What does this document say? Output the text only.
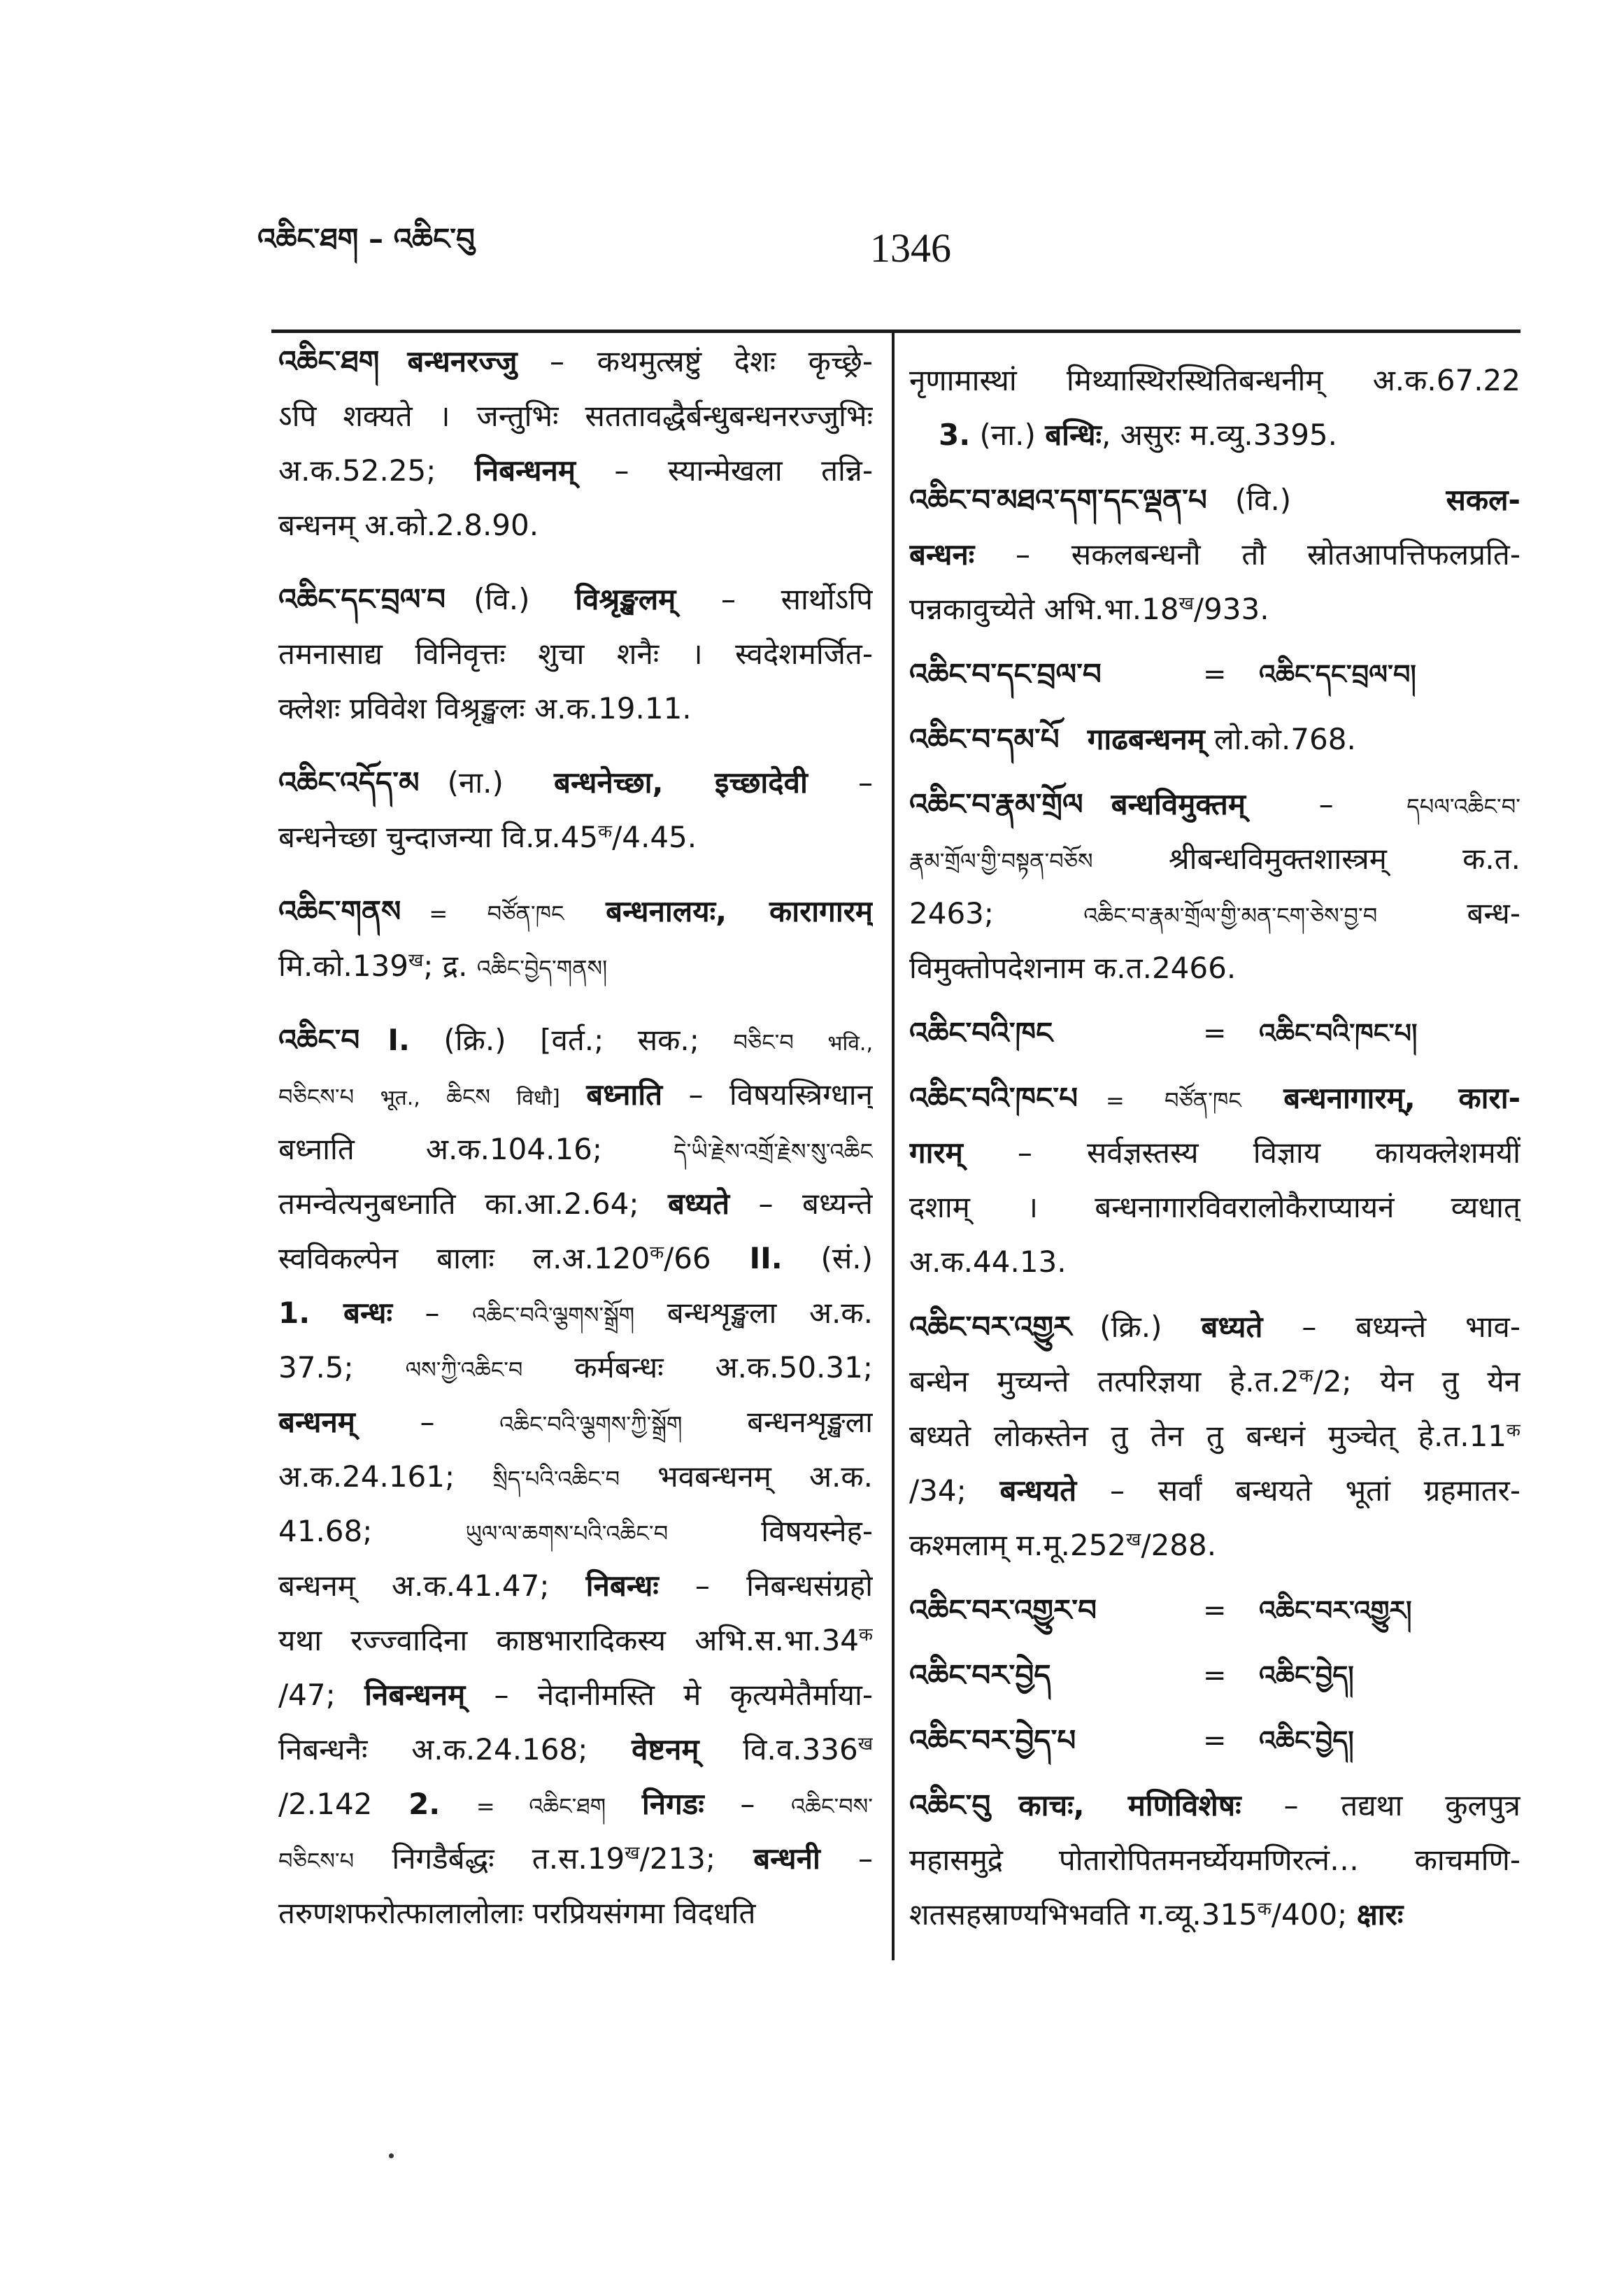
འཆིང་ཐག – འཆིང་བུ	1346
འཆིང་ཐག बन्धनरज्जु – कथमुत्स्रष्टुं देशः कृच्छ्रे-
ऽपि शक्यते । जन्तुभिः सततावद्धैर्बन्धुबन्धनरज्जुभिः
अ.क.52.25; निबन्धनम् – स्यान्मेखला तन्नि-
बन्धनम् अ.को.2.8.90.
འཆིང་དང་བྲལ་བ (वि.) विश्रृङ्खलम् – सार्थोऽपि
तमनासाद्य विनिवृत्तः शुचा शनैः । स्वदेशमर्जित-
क्लेशः प्रविवेश विश्रृङ्खलः अ.क.19.11.
འཆིང་འདོད་མ (ना.) बन्धनेच्छा, इच्छादेवी –
बन्धनेच्छा चुन्दाजन्या $वि.प्र.45^क/4.45$.
འཆིང་གནས = བཙོན་ཁང बन्धनालयः, कारागारम्
$मि.को.139^ख$; द्र. འཆིང་བྱེད་གནས།
འཆིང་བ I. (क्रि.) [वर्त.; सक.; བཅིང་བ भवि.,
བཅིངས་པ भूत., ཆིངས विधौ] बध्नाति – विषयस्त्रिग्धान्
बध्नाति अ.क.104.16; དེ་ཡི་རྗེས་འགྲོ་རྗེས་སུ་འཆིང
तमन्वेत्यनुबध्नाति का.आ.2.64; बध्यते – बध्यन्ते
स्वविकल्पेन बालाः $ल.अ.120^क/66$ II. (सं.)
1. बन्धः – འཆིང་བའི་ལྕགས་སྒྲོག बन्धशृङ्खला अ.क.
37.5; ལས་ཀྱི་འཆིང་བ कर्मबन्धः अ.क.50.31;
बन्धनम् – འཆིང་བའི་ལྕགས་ཀྱི་སྒྲོག बन्धनशृङ्खला
अ.क.24.161; སྲིད་པའི་འཆིང་བ भवबन्धनम् अ.क.
41.68; ཡུལ་ལ་ཆགས་པའི་འཆིང་བ विषयस्नेह-
बन्धनम् अ.क.41.47; निबन्धः – निबन्धसंग्रहो
यथा रज्ज्वादिना काष्ठभारादिकस्य $अभि.स.भा.34^क$
/47; निबन्धनम् – नेदानीमस्ति मे कृत्यमेतैर्माया-
निबन्धनैः अ.क.24.168; वेष्टनम् $वि.व.336^ख$
/2.142 2. = འཆིང་ཐག निगडः – འཆིང་བས་
བཅིངས་པ निगडैर्बद्धः $त.स.19^ख/213$; बन्धनी –
तरुणशफरोत्फालालोलाः परप्रियसंगमा विदधति
नृणामास्थां मिथ्यास्थिरस्थितिबन्धनीम् अ.क.67.22
3. (ना.) बन्धिः, असुरः म.व्यु.3395.
འཆིང་བ་མཐའ་དག་དང་ལྡན་པ (वि.) सकल-
बन्धनः – सकलबन्धनौ तौ स्रोतआपत्तिफलप्रति-
पन्नकावुच्येते $अभि.भा.18^ख/933$.
འཆིང་བ་དང་བྲལ་བ	= འཆིང་དང་བྲལ་བ།
འཆིང་བ་དམ་པོ गाढबन्धनम् लो.को.768.
འཆིང་བ་རྣམ་གྲོལ बन्धविमुक्तम् – དཔལ་འཆིང་བ་
རྣམ་གྲོལ་གྱི་བསྟན་བཅོས श्रीबन्धविमुक्तशास्त्रम् क.त.
2463; འཆིང་བ་རྣམ་གྲོལ་གྱི་མན་ངག་ཅེས་བྱ་བ बन्ध-
विमुक्तोपदेशनाम क.त.2466.
འཆིང་བའི་ཁང	= འཆིང་བའི་ཁང་པ།
འཆིང་བའི་ཁང་པ = བཙོན་ཁང बन्धनागारम्, कारा-
गारम् – सर्वज्ञस्तस्य विज्ञाय कायक्लेशमयीं
दशाम् । बन्धनागारविवरालोकैराप्यायनं व्यधात्
अ.क.44.13.
འཆིང་བར་འགྱུར (क्रि.) बध्यते – बध्यन्ते भाव-
बन्धेन मुच्यन्ते तत्परिज्ञया $हे.त.2^क/2$; येन तु येन
बध्यते लोकस्तेन तु तेन तु बन्धनं मुञ्चेत् $हे.त.11^क$
/34; बन्धयते – सर्वां बन्धयते भूतां ग्रहमातर-
कश्मलाम् $म.मू.252^ख/288$.
འཆིང་བར་འགྱུར་བ	= འཆིང་བར་འགྱུར།
འཆིང་བར་བྱེད	= འཆིང་བྱེད།
འཆིང་བར་བྱེད་པ	= འཆིང་བྱེད།
འཆིང་བུ काचः, मणिविशेषः – तद्यथा कुलपुत्र
महासमुद्रे पोतारोपितमनर्घ्येयमणिरत्नं… काचमणि-
शतसहस्राण्यभिभवति $ग.व्यू.315^क/400$; क्षारः
